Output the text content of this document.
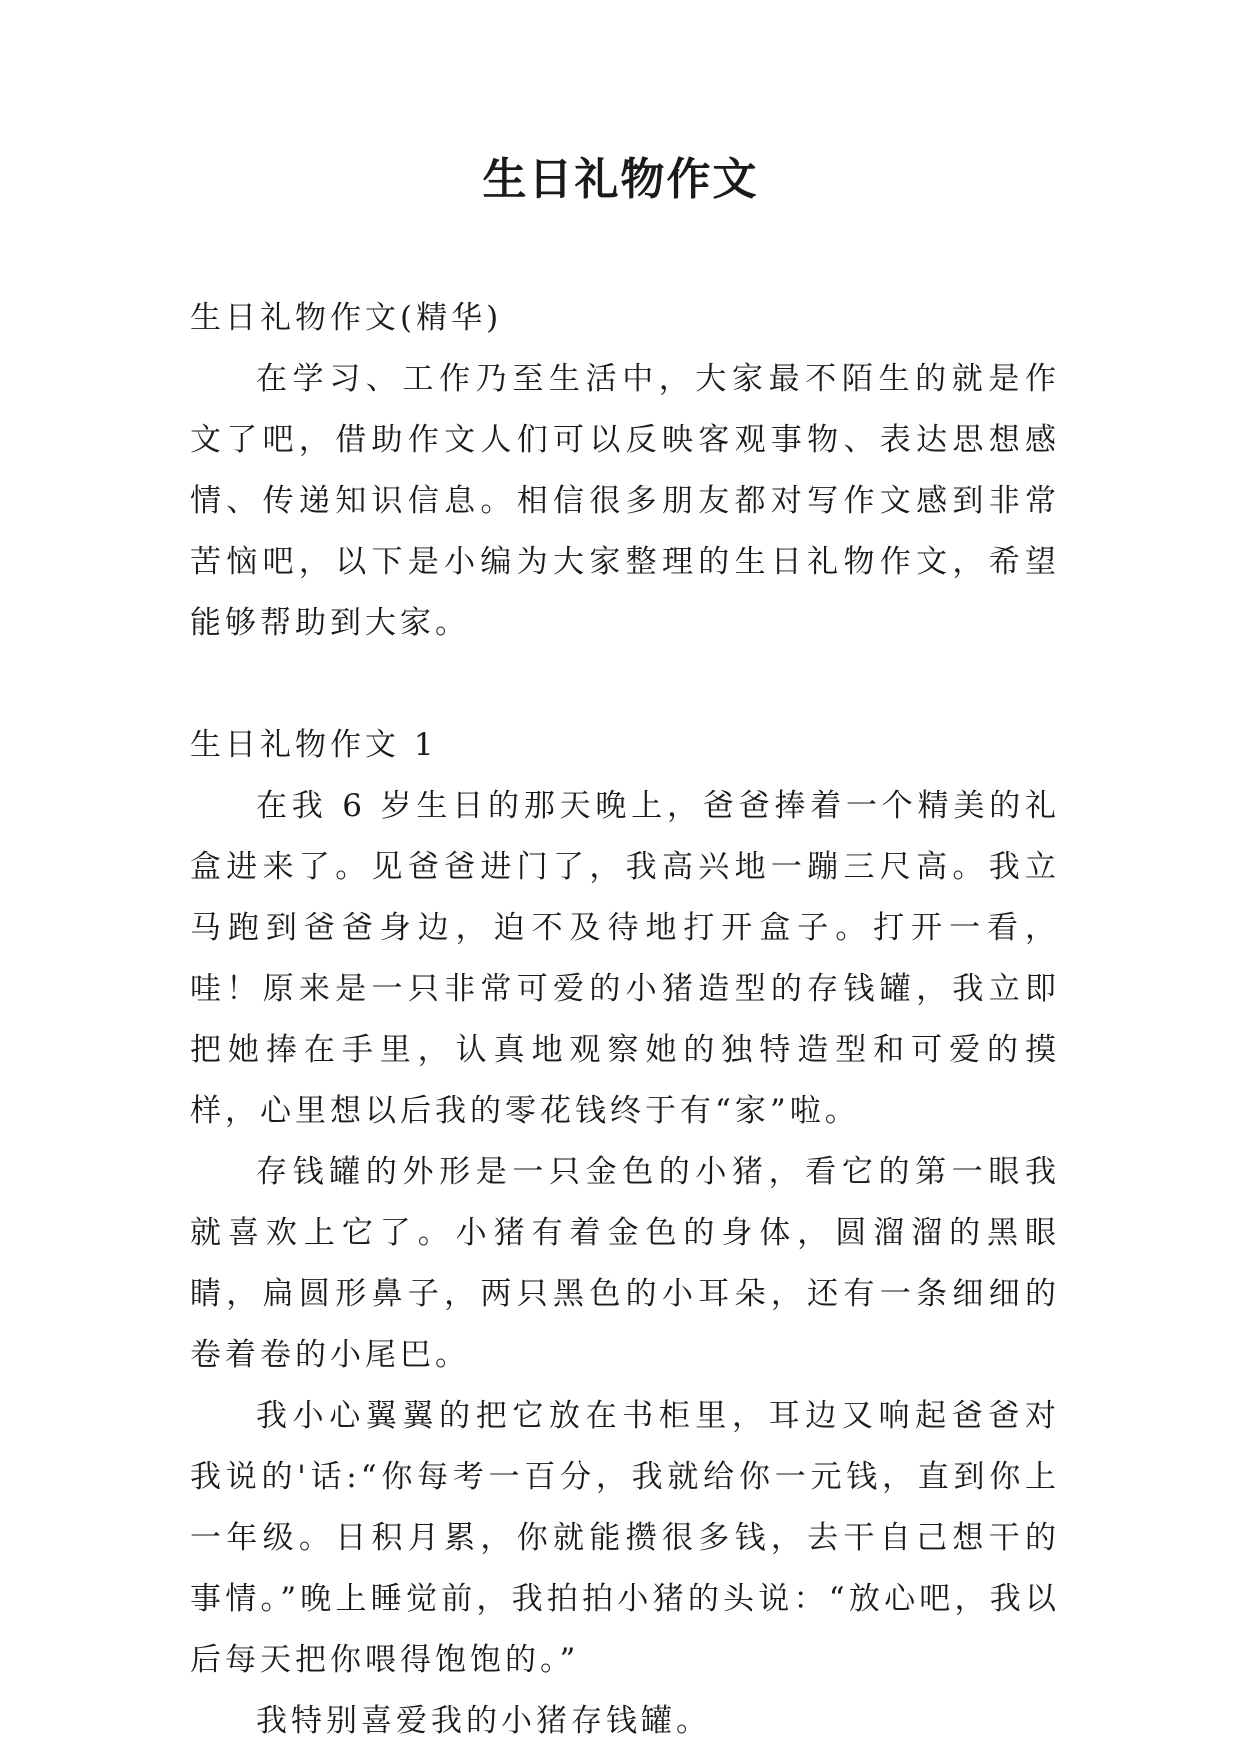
生日礼物作文

生日礼物作文(精华)

在学习、工作乃至生活中，大家最不陌生的就是作文了吧，借助作文人们可以反映客观事物、表达思想感情、传递知识信息。相信很多朋友都对写作文感到非常苦恼吧，以下是小编为大家整理的生日礼物作文，希望能够帮助到大家。

生日礼物作文 1

在我 6 岁生日的那天晚上，爸爸捧着一个精美的礼盒进来了。见爸爸进门了，我高兴地一蹦三尺高。我立马跑到爸爸身边，迫不及待地打开盒子。打开一看，哇！原来是一只非常可爱的小猪造型的存钱罐，我立即把她捧在手里，认真地观察她的独特造型和可爱的摸样，心里想以后我的零花钱终于有“家”啦。

存钱罐的外形是一只金色的小猪，看它的第一眼我就喜欢上它了。小猪有着金色的身体，圆溜溜的黑眼睛，扁圆形鼻子，两只黑色的小耳朵，还有一条细细的卷着卷的小尾巴。

我小心翼翼的把它放在书柜里，耳边又响起爸爸对我说的'话:“你每考一百分，我就给你一元钱，直到你上一年级。日积月累，你就能攒很多钱，去干自己想干的事情。”晚上睡觉前，我拍拍小猪的头说：“放心吧，我以后每天把你喂得饱饱的。”

我特别喜爱我的小猪存钱罐。
